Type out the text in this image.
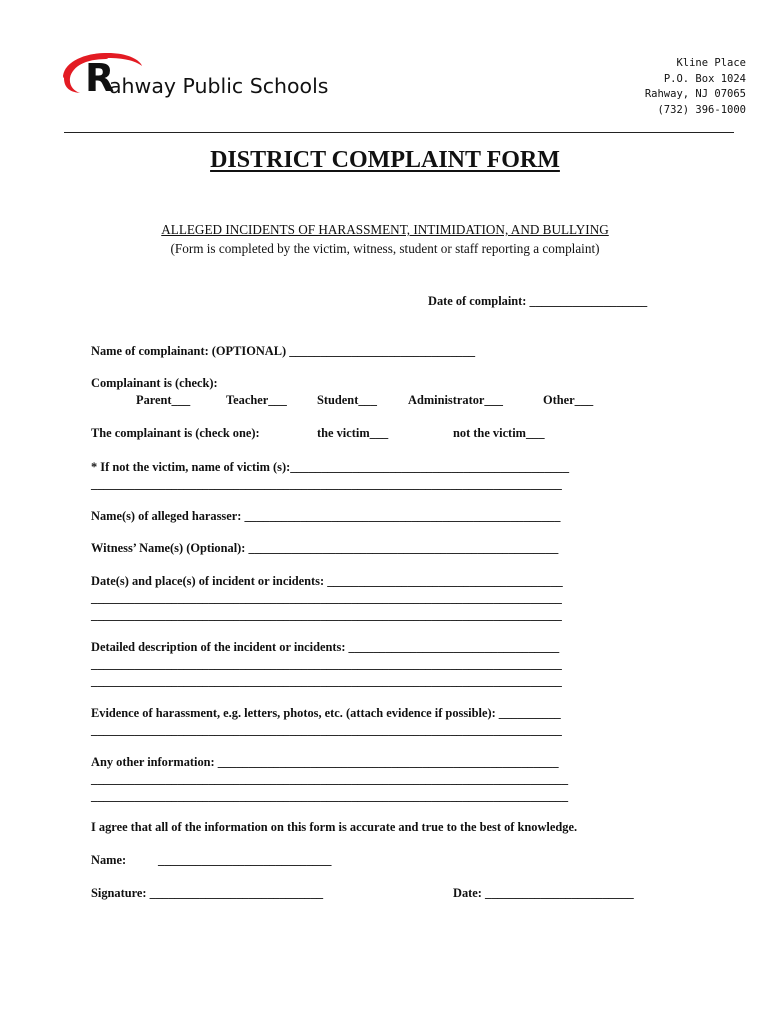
R
ahway Public Schools
Kline Place
P.O. Box 1024
Rahway, NJ 07065
(732) 396-1000
DISTRICT COMPLAINT FORM
ALLEGED INCIDENTS OF HARASSMENT, INTIMIDATION, AND BULLYING
(Form is completed by the victim, witness, student or staff reporting a complaint)
Date of complaint: ___________________
Name of complainant: (OPTIONAL) ______________________________
Complainant is (check):
Parent___	Teacher___ Student___	Administrator___	Other___
The complainant is (check one):	the victim___	not the victim___
* If not the victim, name of victim (s):_____________________________________________
____________________________________________________________________________
Name(s) of alleged harasser: ___________________________________________________
Witness’ Name(s) (Optional): __________________________________________________
Date(s) and place(s) of incident or incidents: ______________________________________
____________________________________________________________________________
____________________________________________________________________________
Detailed description of the incident or incidents: __________________________________
____________________________________________________________________________
____________________________________________________________________________
Evidence of harassment, e.g. letters, photos, etc. (attach evidence if possible): __________
____________________________________________________________________________
Any other information: _______________________________________________________
_____________________________________________________________________________
_____________________________________________________________________________
I agree that all of the information on this form is accurate and true to the best of knowledge.
Name:	____________________________
Signature: ____________________________	Date: ________________________
